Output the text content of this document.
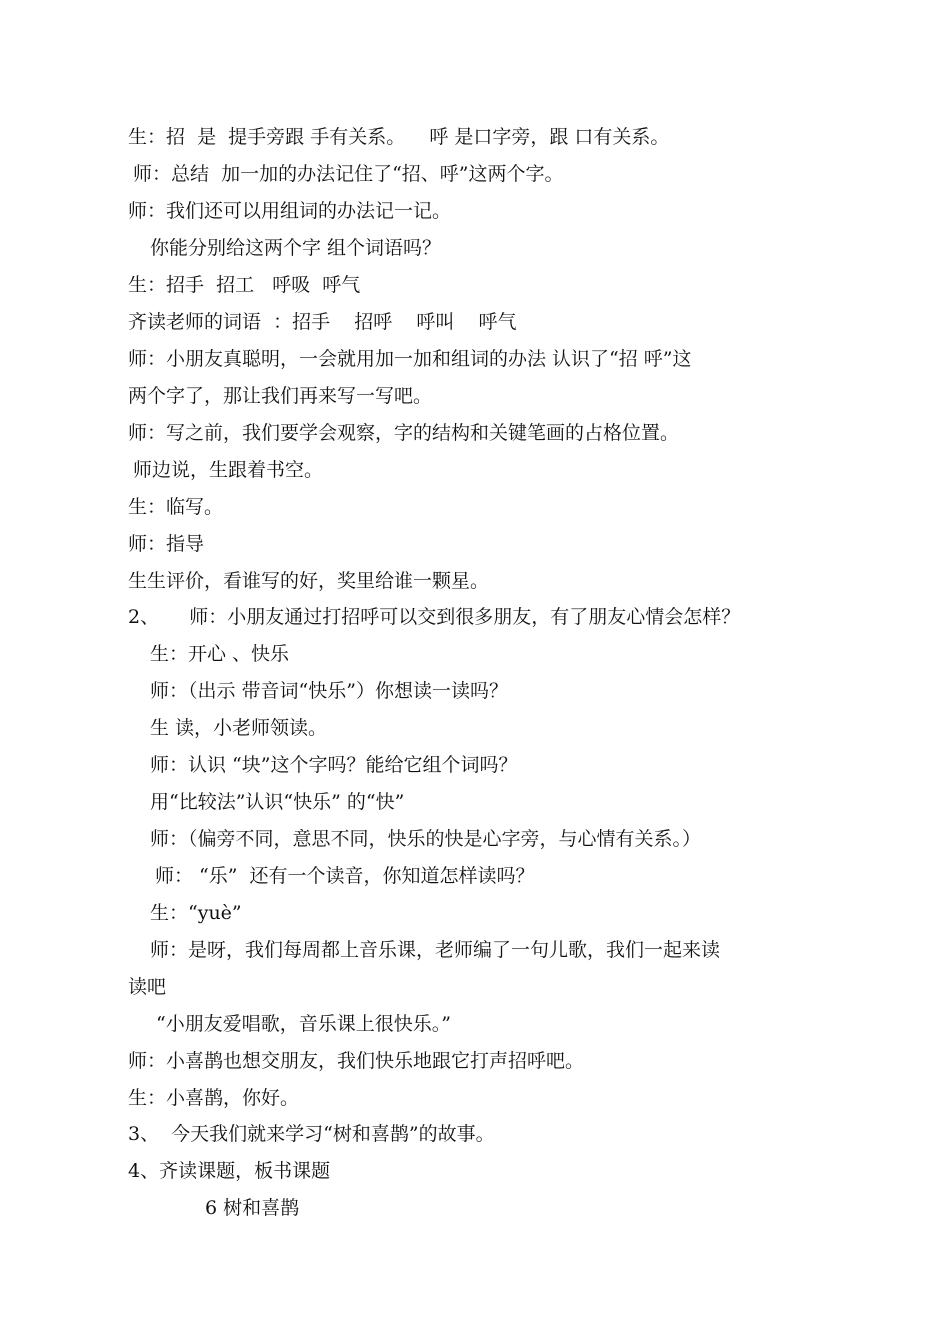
生：招  是  提手旁跟 手有关系。    呼 是口字旁，跟 口有关系。
师：总结  加一加的办法记住了“招、呼”这两个字。
师：我们还可以用组词的办法记一记。
你能分别给这两个字 组个词语吗？
生：招手  招工   呼吸  呼气
齐读老师的词语  ：招手    招呼    呼叫    呼气
师：小朋友真聪明，一会就用加一加和组词的办法 认识了“招 呼”这
两个字了，那让我们再来写一写吧。
师：写之前，我们要学会观察，字的结构和关键笔画的占格位置。
师边说，生跟着书空。
生：临写。
师：指导
生生评价，看谁写的好，奖里给谁一颗星。
2、     师：小朋友通过打招呼可以交到很多朋友，有了朋友心情会怎样？
生：开心 、快乐
师：（出示 带音词“快乐”）你想读一读吗？
生 读，小老师领读。
师：认识 “块”这个字吗？能给它组个词吗？
用“比较法”认识“快乐” 的“快”
师：（偏旁不同，意思不同，快乐的快是心字旁，与心情有关系。）
师： “乐”  还有一个读音，你知道怎样读吗？
生：“yuè”
师：是呀，我们每周都上音乐课，老师编了一句儿歌，我们一起来读
读吧
“小朋友爱唱歌，音乐课上很快乐。”
师：小喜鹊也想交朋友，我们快乐地跟它打声招呼吧。
生：小喜鹊，你好。
3、  今天我们就来学习“树和喜鹊”的故事。
4、齐读课题，板书课题
6 树和喜鹊
